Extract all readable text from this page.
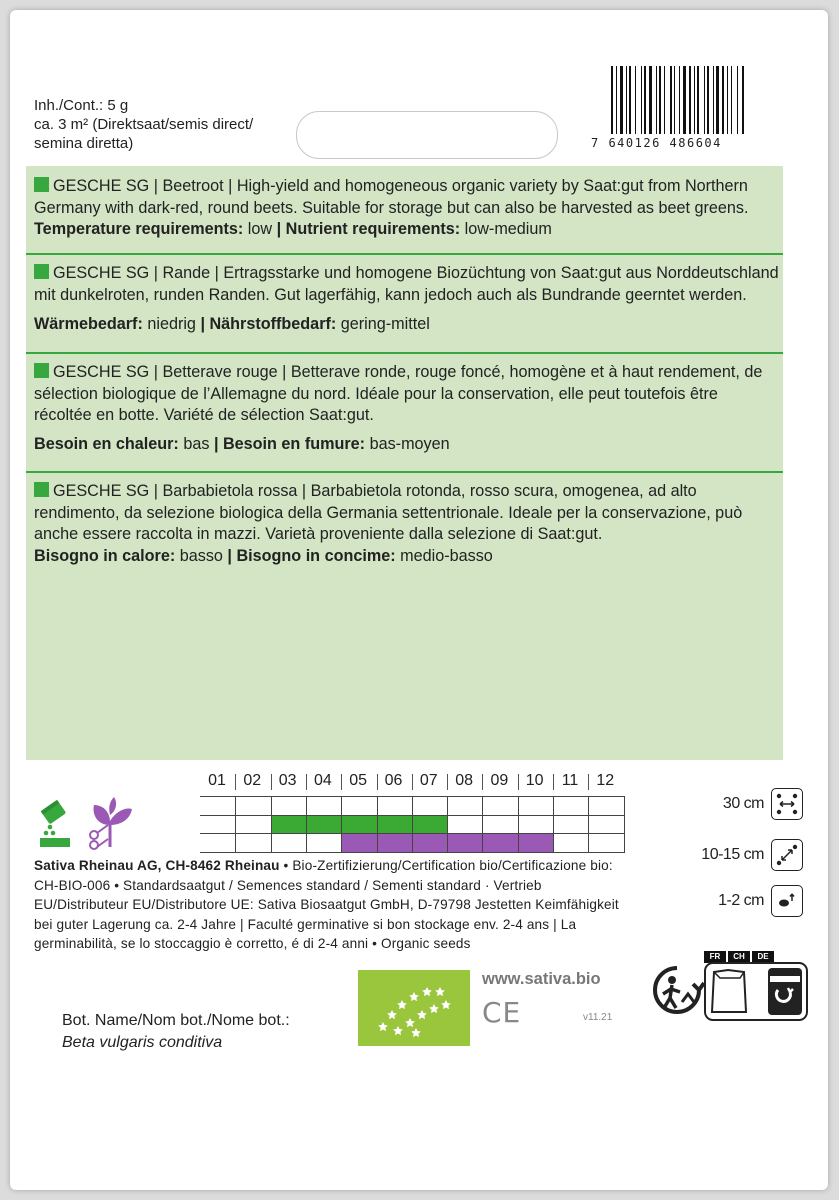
Inh./Cont.: 5 g
ca. 3 m² (Direktsaat/semis direct/
semina diretta)	7 640126 486604
GESCHE SG | Beetroot | High-yield and homogeneous organic variety by Saat:gut from Northern Germany with dark-red, round beets. Suitable for storage but can also be harvested as beet greens.
Temperature requirements: low | Nutrient requirements: low-medium
GESCHE SG | Rande | Ertragsstarke und homogene Biozüchtung von Saat:gut aus Norddeutschland mit dunkelroten, runden Randen. Gut lagerfähig, kann jedoch auch als Bundrande geerntet werden.
Wärmebedarf: niedrig | Nährstoffbedarf: gering-mittel
GESCHE SG | Betterave rouge | Betterave ronde, rouge foncé, homogène et à haut rendement, de sélection biologique de l’Allemagne du nord. Idéale pour la conservation, elle peut toutefois être récoltée en botte. Variété de sélection Saat:gut.
Besoin en chaleur: bas | Besoin en fumure: bas-moyen
GESCHE SG | Barbabietola rossa | Barbabietola rotonda, rosso scura, omogenea, ad alto rendimento, da selezione biologica della Germania settentrionale. Ideale per la conservazione, può anche essere raccolta in mazzi. Varietà proveniente dalla selezione di Saat:gut.
Bisogno in calore: basso | Bisogno in concime: medio-basso
01	02	03	04	05	06	07	08	09	10	11	12
30 cm
10-15 cm
1-2 cm
Sativa Rheinau AG, CH-8462 Rheinau • Bio-Zertifizierung/Certification bio/Certificazione bio: CH-BIO-006 • Standardsaatgut / Semences standard / Sementi standard · Vertrieb EU/Distributeur EU/Distributore UE: Sativa Biosaatgut GmbH, D-79798 Jestetten Keimfähigkeit bei guter Lagerung ca. 2-4 Jahre | Faculté germinative si bon stockage env. 2-4 ans | La germinabilità, se lo stoccaggio è corretto, é di 2-4 anni • Organic seeds
Bot. Name/Nom bot./Nome bot.:
Beta vulgaris conditiva
www.sativa.bio
CE	v11.21
FR	CH	DE
